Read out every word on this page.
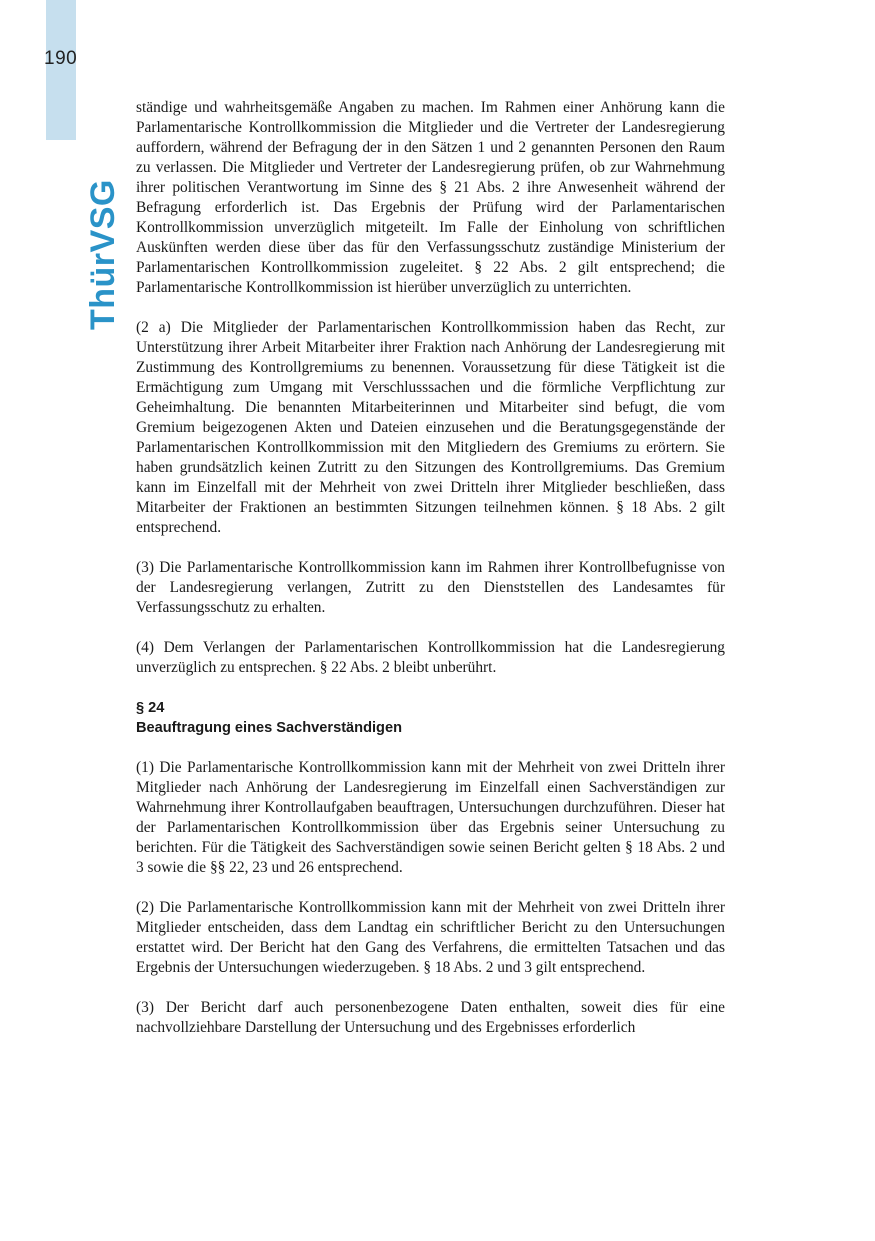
190
ThürVSG

ständige und wahrheitsgemäße Angaben zu machen. Im Rahmen einer Anhörung kann die Parlamentarische Kontrollkommission die Mitglieder und die Vertreter der Landesregierung auffordern, während der Befragung der in den Sätzen 1 und 2 genannten Personen den Raum zu verlassen. Die Mitglieder und Vertreter der Landesregierung prüfen, ob zur Wahrnehmung ihrer politischen Verantwortung im Sinne des § 21 Abs. 2 ihre Anwesenheit während der Befragung erforderlich ist. Das Ergebnis der Prüfung wird der Parlamentarischen Kontrollkommission unverzüglich mitgeteilt. Im Falle der Einholung von schriftlichen Auskünften werden diese über das für den Verfassungsschutz zuständige Ministerium der Parlamentarischen Kontrollkommission zugeleitet. § 22 Abs. 2 gilt entsprechend; die Parlamentarische Kontrollkommission ist hierüber unverzüglich zu unterrichten.

(2 a) Die Mitglieder der Parlamentarischen Kontrollkommission haben das Recht, zur Unterstützung ihrer Arbeit Mitarbeiter ihrer Fraktion nach Anhörung der Landesregierung mit Zustimmung des Kontrollgremiums zu benennen. Voraussetzung für diese Tätigkeit ist die Ermächtigung zum Umgang mit Verschlusssachen und die förmliche Verpflichtung zur Geheimhaltung. Die benannten Mitarbeiterinnen und Mitarbeiter sind befugt, die vom Gremium beigezogenen Akten und Dateien einzusehen und die Beratungsgegenstände der Parlamentarischen Kontrollkommission mit den Mitgliedern des Gremiums zu erörtern. Sie haben grundsätzlich keinen Zutritt zu den Sitzungen des Kontrollgremiums. Das Gremium kann im Einzelfall mit der Mehrheit von zwei Dritteln ihrer Mitglieder beschließen, dass Mitarbeiter der Fraktionen an bestimmten Sitzungen teilnehmen können. § 18 Abs. 2 gilt entsprechend.

(3) Die Parlamentarische Kontrollkommission kann im Rahmen ihrer Kontrollbefugnisse von der Landesregierung verlangen, Zutritt zu den Dienststellen des Landesamtes für Verfassungsschutz zu erhalten.

(4) Dem Verlangen der Parlamentarischen Kontrollkommission hat die Landesregierung unverzüglich zu entsprechen. § 22 Abs. 2 bleibt unberührt.

§ 24
Beauftragung eines Sachverständigen

(1) Die Parlamentarische Kontrollkommission kann mit der Mehrheit von zwei Dritteln ihrer Mitglieder nach Anhörung der Landesregierung im Einzelfall einen Sachverständigen zur Wahrnehmung ihrer Kontrollaufgaben beauftragen, Untersuchungen durchzuführen. Dieser hat der Parlamentarischen Kontrollkommission über das Ergebnis seiner Untersuchung zu berichten. Für die Tätigkeit des Sachverständigen sowie seinen Bericht gelten § 18 Abs. 2 und 3 sowie die §§ 22, 23 und 26 entsprechend.

(2) Die Parlamentarische Kontrollkommission kann mit der Mehrheit von zwei Dritteln ihrer Mitglieder entscheiden, dass dem Landtag ein schriftlicher Bericht zu den Untersuchungen erstattet wird. Der Bericht hat den Gang des Verfahrens, die ermittelten Tatsachen und das Ergebnis der Untersuchungen wiederzugeben. § 18 Abs. 2 und 3 gilt entsprechend.

(3) Der Bericht darf auch personenbezogene Daten enthalten, soweit dies für eine nachvollziehbare Darstellung der Untersuchung und des Ergebnisses erforderlich
